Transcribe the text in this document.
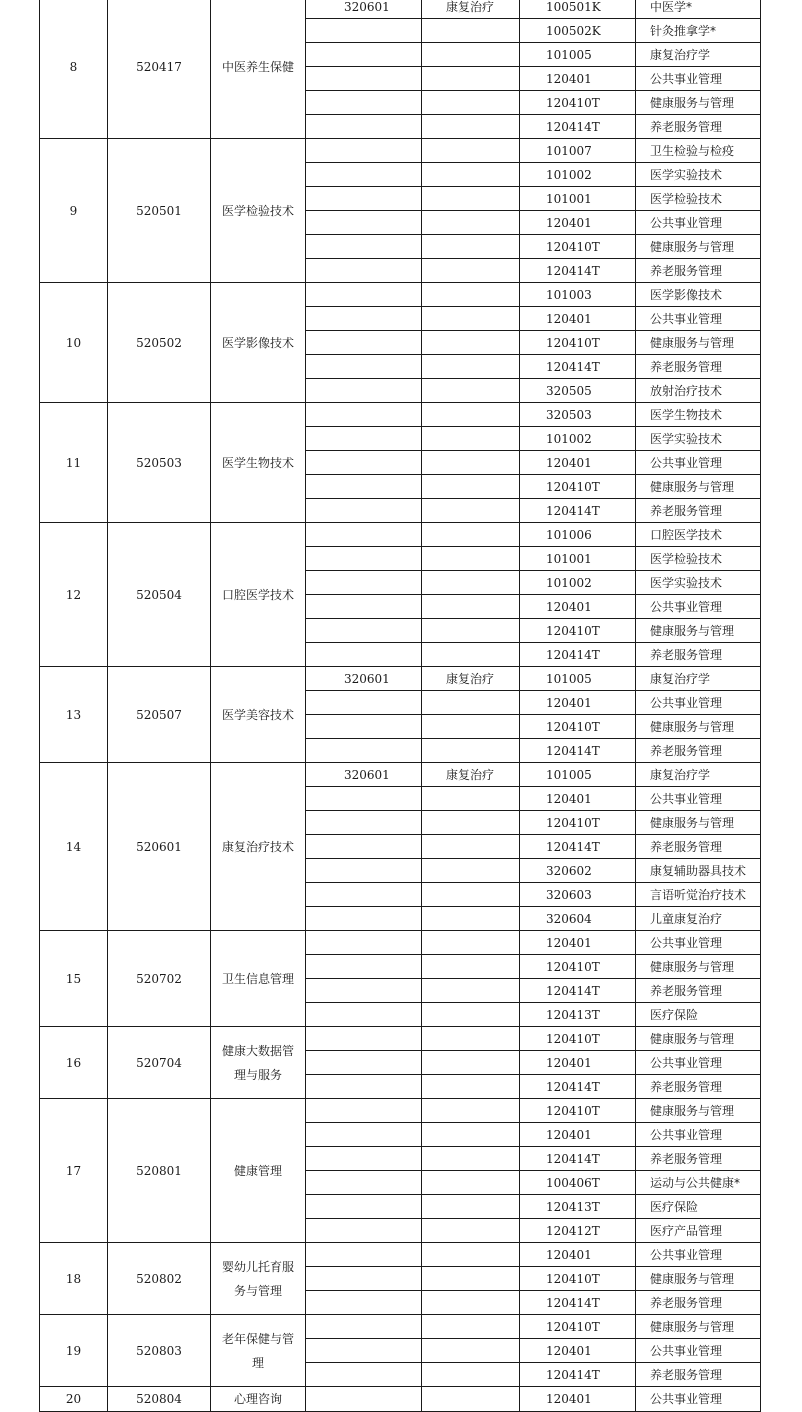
8	520417	中医养生保健	320601	康复治疗	100501K	中医学*
					100502K	针灸推拿学*
					101005	康复治疗学
					120401	公共事业管理
					120410T	健康服务与管理
					120414T	养老服务管理
9	520501	医学检验技术			101007	卫生检验与检疫
					101002	医学实验技术
					101001	医学检验技术
					120401	公共事业管理
					120410T	健康服务与管理
					120414T	养老服务管理
10	520502	医学影像技术			101003	医学影像技术
					120401	公共事业管理
					120410T	健康服务与管理
					120414T	养老服务管理
					320505	放射治疗技术
11	520503	医学生物技术			320503	医学生物技术
					101002	医学实验技术
					120401	公共事业管理
					120410T	健康服务与管理
					120414T	养老服务管理
12	520504	口腔医学技术			101006	口腔医学技术
					101001	医学检验技术
					101002	医学实验技术
					120401	公共事业管理
					120410T	健康服务与管理
					120414T	养老服务管理
13	520507	医学美容技术	320601	康复治疗	101005	康复治疗学
					120401	公共事业管理
					120410T	健康服务与管理
					120414T	养老服务管理
14	520601	康复治疗技术	320601	康复治疗	101005	康复治疗学
					120401	公共事业管理
					120410T	健康服务与管理
					120414T	养老服务管理
					320602	康复辅助器具技术
					320603	言语听觉治疗技术
					320604	儿童康复治疗
15	520702	卫生信息管理			120401	公共事业管理
					120410T	健康服务与管理
					120414T	养老服务管理
					120413T	医疗保险
16	520704	健康大数据管理与服务			120410T	健康服务与管理
					120401	公共事业管理
					120414T	养老服务管理
17	520801	健康管理			120410T	健康服务与管理
					120401	公共事业管理
					120414T	养老服务管理
					100406T	运动与公共健康*
					120413T	医疗保险
					120412T	医疗产品管理
18	520802	婴幼儿托育服务与管理			120401	公共事业管理
					120410T	健康服务与管理
					120414T	养老服务管理
19	520803	老年保健与管理			120410T	健康服务与管理
					120401	公共事业管理
					120414T	养老服务管理
20	520804	心理咨询			120401	公共事业管理
